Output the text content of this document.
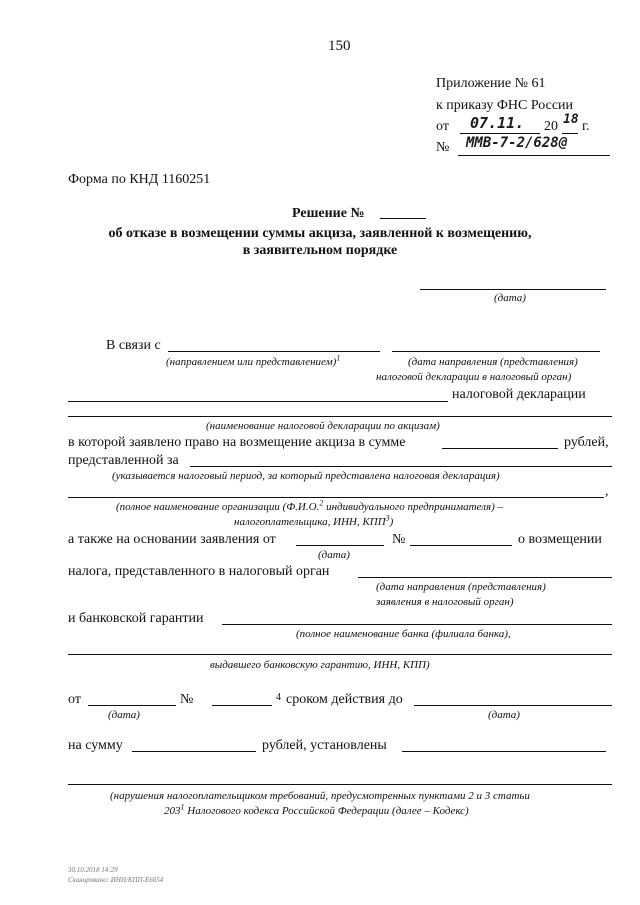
150
Приложение № 61
к приказу ФНС России
от 07.11. 20 18 г.
№ ММВ-7-2/628@
Форма по КНД 1160251
Решение №
об отказе в возмещении суммы акциза, заявленной к возмещению,
в заявительном порядке
(дата)
В связи с
(направлением или представлением)$^1$	(дата направления (представления)
налоговой декларации в налоговый орган)
налоговой декларации
(наименование налоговой декларации по акцизам)
в которой заявлено право на возмещение акциза в сумме	рублей,
представленной за
(указывается налоговый период, за который представлена налоговая декларация)
,
(полное наименование организации (Ф.И.О.$^2$ индивидуального предпринимателя) –
налогоплательщика, ИНН, КПП$^3$)
а также на основании заявления от	№	о возмещении
(дата)
налога, представленного в налоговый орган
(дата направления (представления)
заявления в налоговый орган)
и банковской гарантии
(полное наименование банка (филиала банка),
выдавшего банковскую гарантию, ИНН, КПП)
от	№	4 сроком действия до
(дата)	(дата)
на сумму	рублей, установлены
(нарушения налогоплательщиком требований, предусмотренных пунктами 2 и 3 статьи
$203^1$ Налогового кодекса Российской Федерации (далее – Кодекс)
30.10.2018 14:29
Сканировано: ИНН/КПП-Е6054
